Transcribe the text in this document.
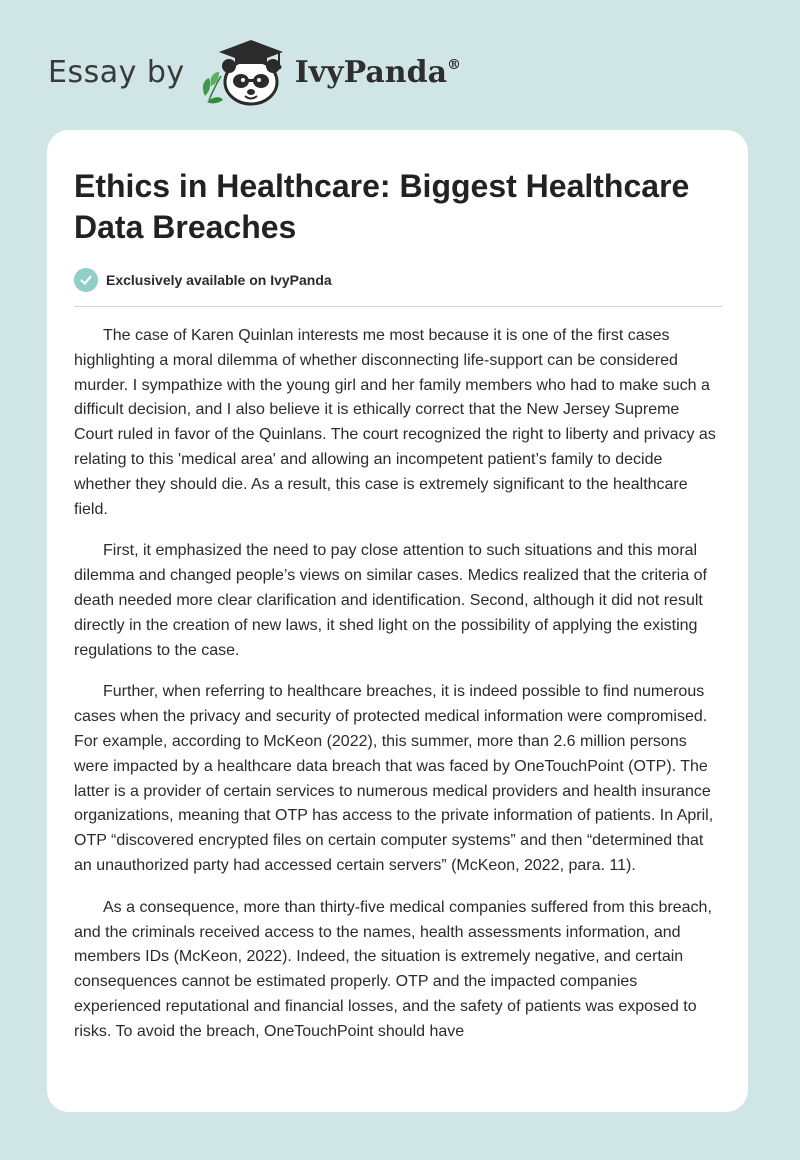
Essay by	IvyPanda®
Ethics in Healthcare: Biggest Healthcare Data Breaches
Exclusively available on IvyPanda

The case of Karen Quinlan interests me most because it is one of the first cases highlighting a moral dilemma of whether disconnecting life-support can be considered murder. I sympathize with the young girl and her family members who had to make such a difficult decision, and I also believe it is ethically correct that the New Jersey Supreme Court ruled in favor of the Quinlans. The court recognized the right to liberty and privacy as relating to this 'medical area' and allowing an incompetent patient’s family to decide whether they should die. As a result, this case is extremely significant to the healthcare field.

First, it emphasized the need to pay close attention to such situations and this moral dilemma and changed people’s views on similar cases. Medics realized that the criteria of death needed more clear clarification and identification. Second, although it did not result directly in the creation of new laws, it shed light on the possibility of applying the existing regulations to the case.

Further, when referring to healthcare breaches, it is indeed possible to find numerous cases when the privacy and security of protected medical information were compromised. For example, according to McKeon (2022), this summer, more than 2.6 million persons were impacted by a healthcare data breach that was faced by OneTouchPoint (OTP). The latter is a provider of certain services to numerous medical providers and health insurance organizations, meaning that OTP has access to the private information of patients. In April, OTP “discovered encrypted files on certain computer systems” and then “determined that an unauthorized party had accessed certain servers” (McKeon, 2022, para. 11).

As a consequence, more than thirty-five medical companies suffered from this breach, and the criminals received access to the names, health assessments information, and members IDs (McKeon, 2022). Indeed, the situation is extremely negative, and certain consequences cannot be estimated properly. OTP and the impacted companies experienced reputational and financial losses, and the safety of patients was exposed to risks. To avoid the breach, OneTouchPoint should have
